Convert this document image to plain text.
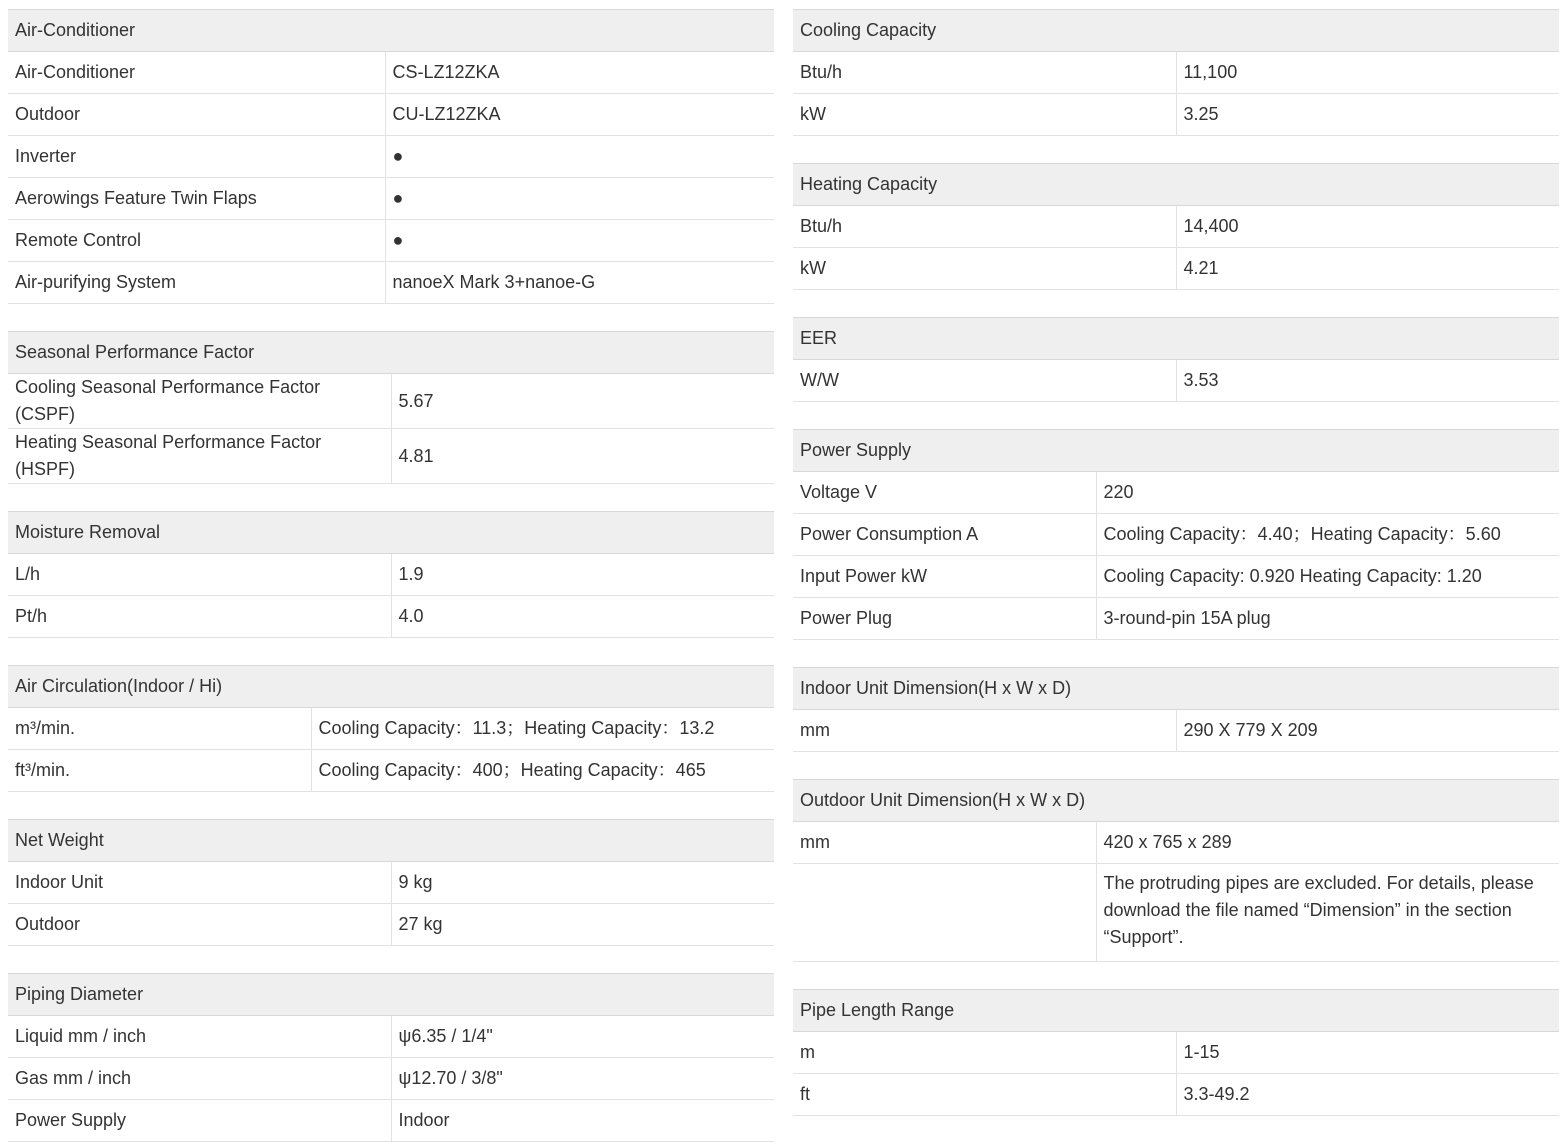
Air-Conditioner	
Air-Conditioner	CS-LZ12ZKA
Outdoor	CU-LZ12ZKA
Inverter	●
Aerowings Feature Twin Flaps	●
Remote Control	●
Air-purifying System	nanoeX Mark 3+nanoe-G
Seasonal Performance Factor	
Cooling Seasonal Performance Factor (CSPF)	5.67
Heating Seasonal Performance Factor (HSPF)	4.81
Moisture Removal	
L/h	1.9
Pt/h	4.0
Air Circulation(Indoor / Hi)	
m³/min.	Cooling Capacity：11.3；Heating Capacity：13.2
ft³/min.	Cooling Capacity：400；Heating Capacity：465
Net Weight	
Indoor Unit	9 kg
Outdoor	27 kg
Piping Diameter	
Liquid mm / inch	ψ6.35 / 1/4"
Gas mm / inch	ψ12.70 / 3/8"
Power Supply	Indoor
Cooling Capacity	
Btu/h	11,100
kW	3.25
Heating Capacity	
Btu/h	14,400
kW	4.21
EER
W/W	3.53
Power Supply	
Voltage V	220
Power Consumption A	Cooling Capacity：4.40；Heating Capacity：5.60
Input Power kW	Cooling Capacity: 0.920 Heating Capacity: 1.20
Power Plug	3-round-pin 15A plug
Indoor Unit Dimension(H x W x D)
mm	290 X 779 X 209
Outdoor Unit Dimension(H x W x D)	
mm	420 x 765 x 289
	The protruding pipes are excluded. For details, please download the file named “Dimension” in the section “Support”.
Pipe Length Range	
m	1-15
ft	3.3-49.2
